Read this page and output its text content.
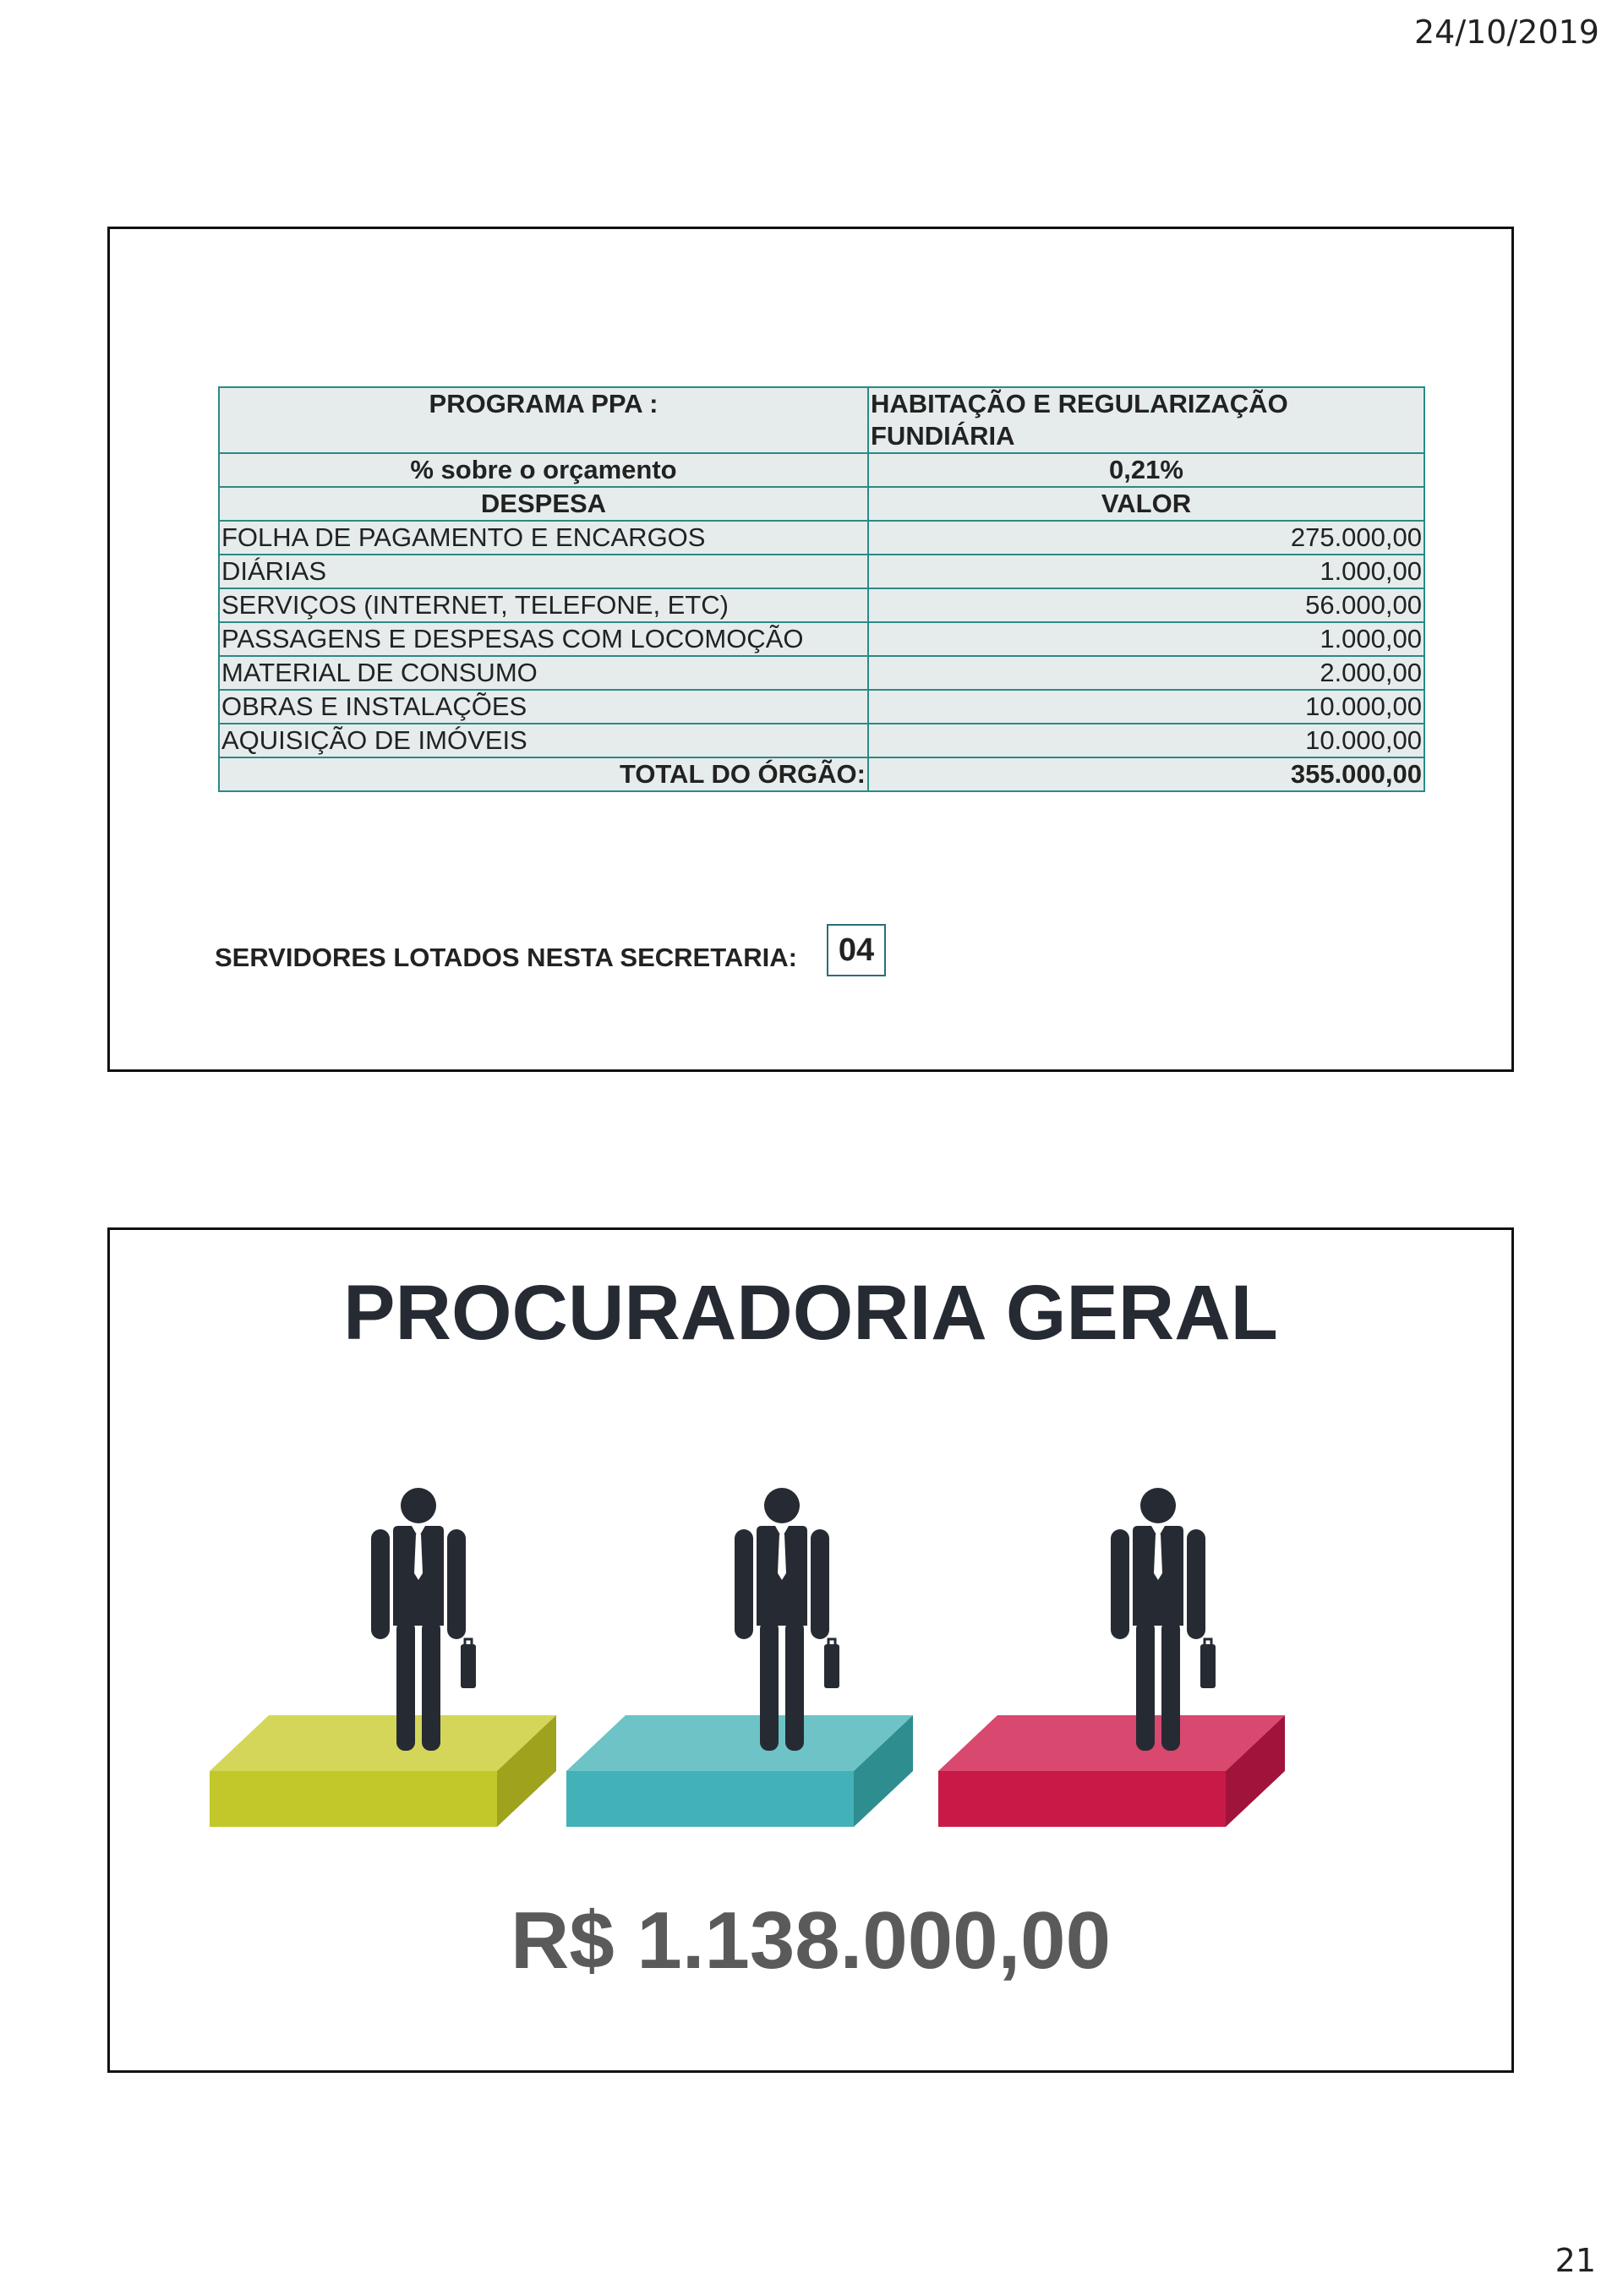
24/10/2019
PROGRAMA PPA :	HABITAÇÃO E REGULARIZAÇÃO FUNDIÁRIA
% sobre o orçamento	0,21%
DESPESA	VALOR
FOLHA DE PAGAMENTO E ENCARGOS	275.000,00
DIÁRIAS	1.000,00
SERVIÇOS (INTERNET, TELEFONE, ETC)	56.000,00
PASSAGENS E DESPESAS COM LOCOMOÇÃO	1.000,00
MATERIAL DE CONSUMO	2.000,00
OBRAS E INSTALAÇÕES	10.000,00
AQUISIÇÃO DE IMÓVEIS	10.000,00
TOTAL DO ÓRGÃO:	355.000,00
SERVIDORES LOTADOS NESTA SECRETARIA:	04
PROCURADORIA GERAL
R$ 1.138.000,00
21
